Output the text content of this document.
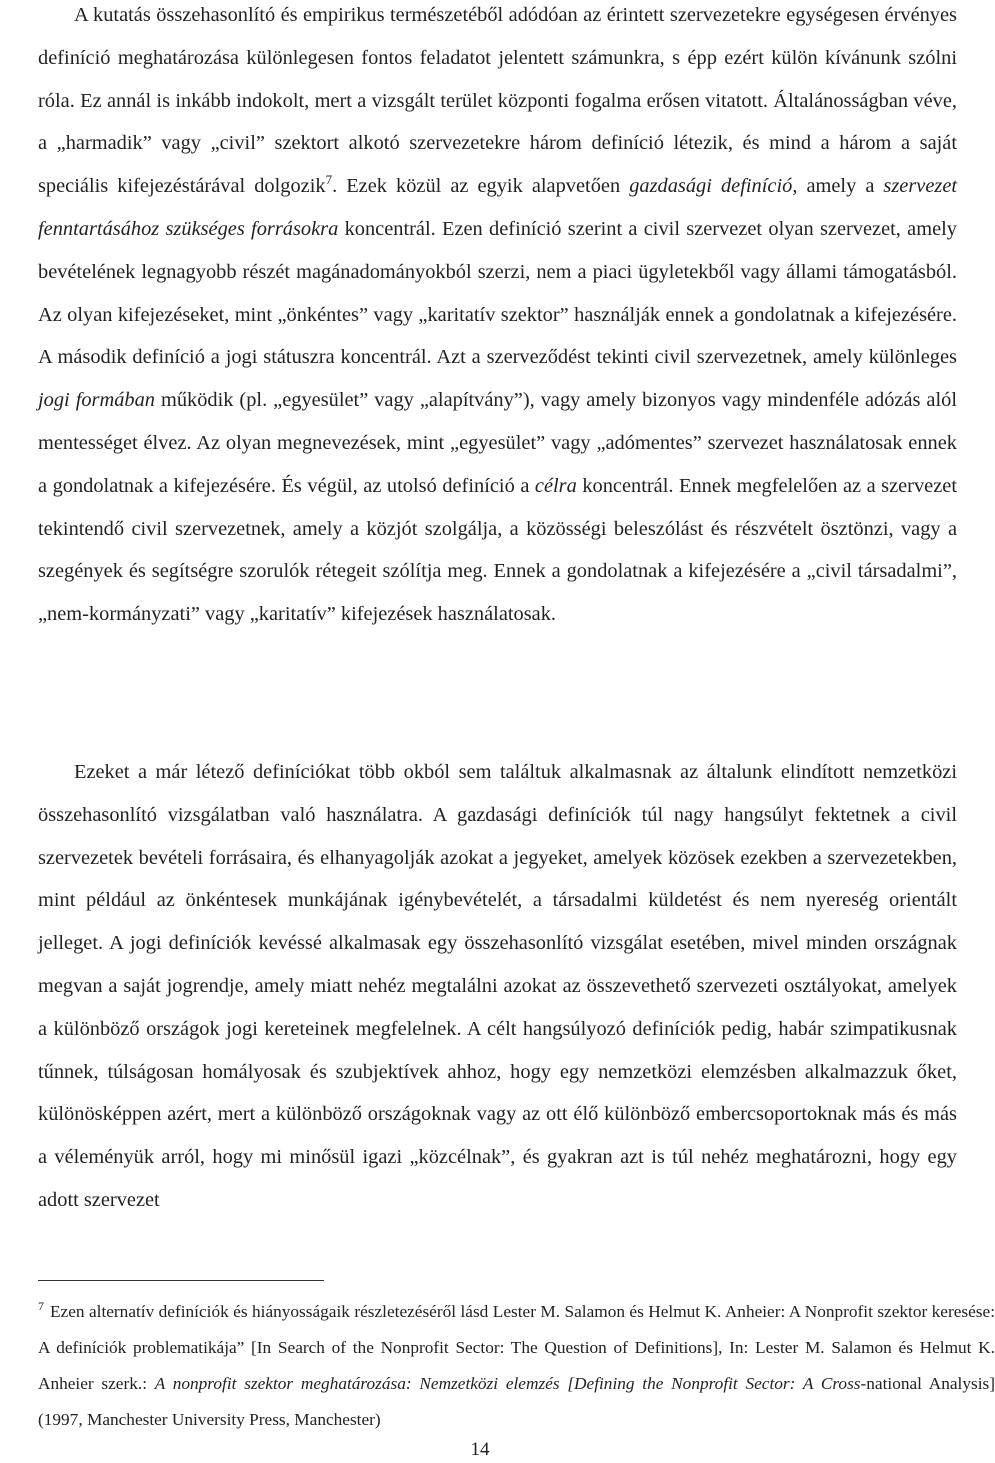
A kutatás összehasonlító és empirikus természetéből adódóan az érintett szervezetekre egységesen érvényes definíció meghatározása különlegesen fontos feladatot jelentett számunkra, s épp ezért külön kívánunk szólni róla. Ez annál is inkább indokolt, mert a vizsgált terület központi fogalma erősen vitatott. Általánosságban véve, a „harmadik” vagy „civil” szektort alkotó szervezetekre három definíció létezik, és mind a három a saját speciális kifejezéstárával dolgozik$^7$. Ezek közül az egyik alapvetően gazdasági definíció, amely a szervezet fenntartásához szükséges forrásokra koncentrál. Ezen definíció szerint a civil szervezet olyan szervezet, amely bevételének legnagyobb részét magánadományokból szerzi, nem a piaci ügyletekből vagy állami támogatásból. Az olyan kifejezéseket, mint „önkéntes” vagy „karitatív szektor” használják ennek a gondolatnak a kifejezésére. A második definíció a jogi státuszra koncentrál. Azt a szerveződést tekinti civil szervezetnek, amely különleges jogi formában működik (pl. „egyesület” vagy „alapítvány”), vagy amely bizonyos vagy mindenféle adózás alól mentességet élvez. Az olyan megnevezések, mint „egyesület” vagy „adómentes” szervezet használatosak ennek a gondolatnak a kifejezésére. És végül, az utolsó definíció a célra koncentrál. Ennek megfelelően az a szervezet tekintendő civil szervezetnek, amely a közjót szolgálja, a közösségi beleszólást és részvételt ösztönzi, vagy a szegények és segítségre szorulók rétegeit szólítja meg. Ennek a gondolatnak a kifejezésére a „civil társadalmi”, „nem-kormányzati” vagy „karitatív” kifejezések használatosak.

Ezeket a már létező definíciókat több okból sem találtuk alkalmasnak az általunk elindított nemzetközi összehasonlító vizsgálatban való használatra. A gazdasági definíciók túl nagy hangsúlyt fektetnek a civil szervezetek bevételi forrásaira, és elhanyagolják azokat a jegyeket, amelyek közösek ezekben a szervezetekben, mint például az önkéntesek munkájának igénybevételét, a társadalmi küldetést és nem nyereség orientált jelleget. A jogi definíciók kevéssé alkalmasak egy összehasonlító vizsgálat esetében, mivel minden országnak megvan a saját jogrendje, amely miatt nehéz megtalálni azokat az összevethető szervezeti osztályokat, amelyek a különböző országok jogi kereteinek megfelelnek. A célt hangsúlyozó definíciók pedig, habár szimpatikusnak tűnnek, túlságosan homályosak és szubjektívek ahhoz, hogy egy nemzetközi elemzésben alkalmazzuk őket, különösképpen azért, mert a különböző országoknak vagy az ott élő különböző embercsoportoknak más és más a véleményük arról, hogy mi minősül igazi „közcélnak”, és gyakran azt is túl nehéz meghatározni, hogy egy adott szervezet

$^7$ Ezen alternatív definíciók és hiányosságaik részletezéséről lásd Lester M. Salamon és Helmut K. Anheier: A Nonprofit szektor keresése: A definíciók problematikája” [In Search of the Nonprofit Sector: The Question of Definitions], In: Lester M. Salamon és Helmut K. Anheier szerk.: A nonprofit szektor meghatározása: Nemzetközi elemzés [Defining the Nonprofit Sector: A Cross-national Analysis] (1997, Manchester University Press, Manchester)

14
